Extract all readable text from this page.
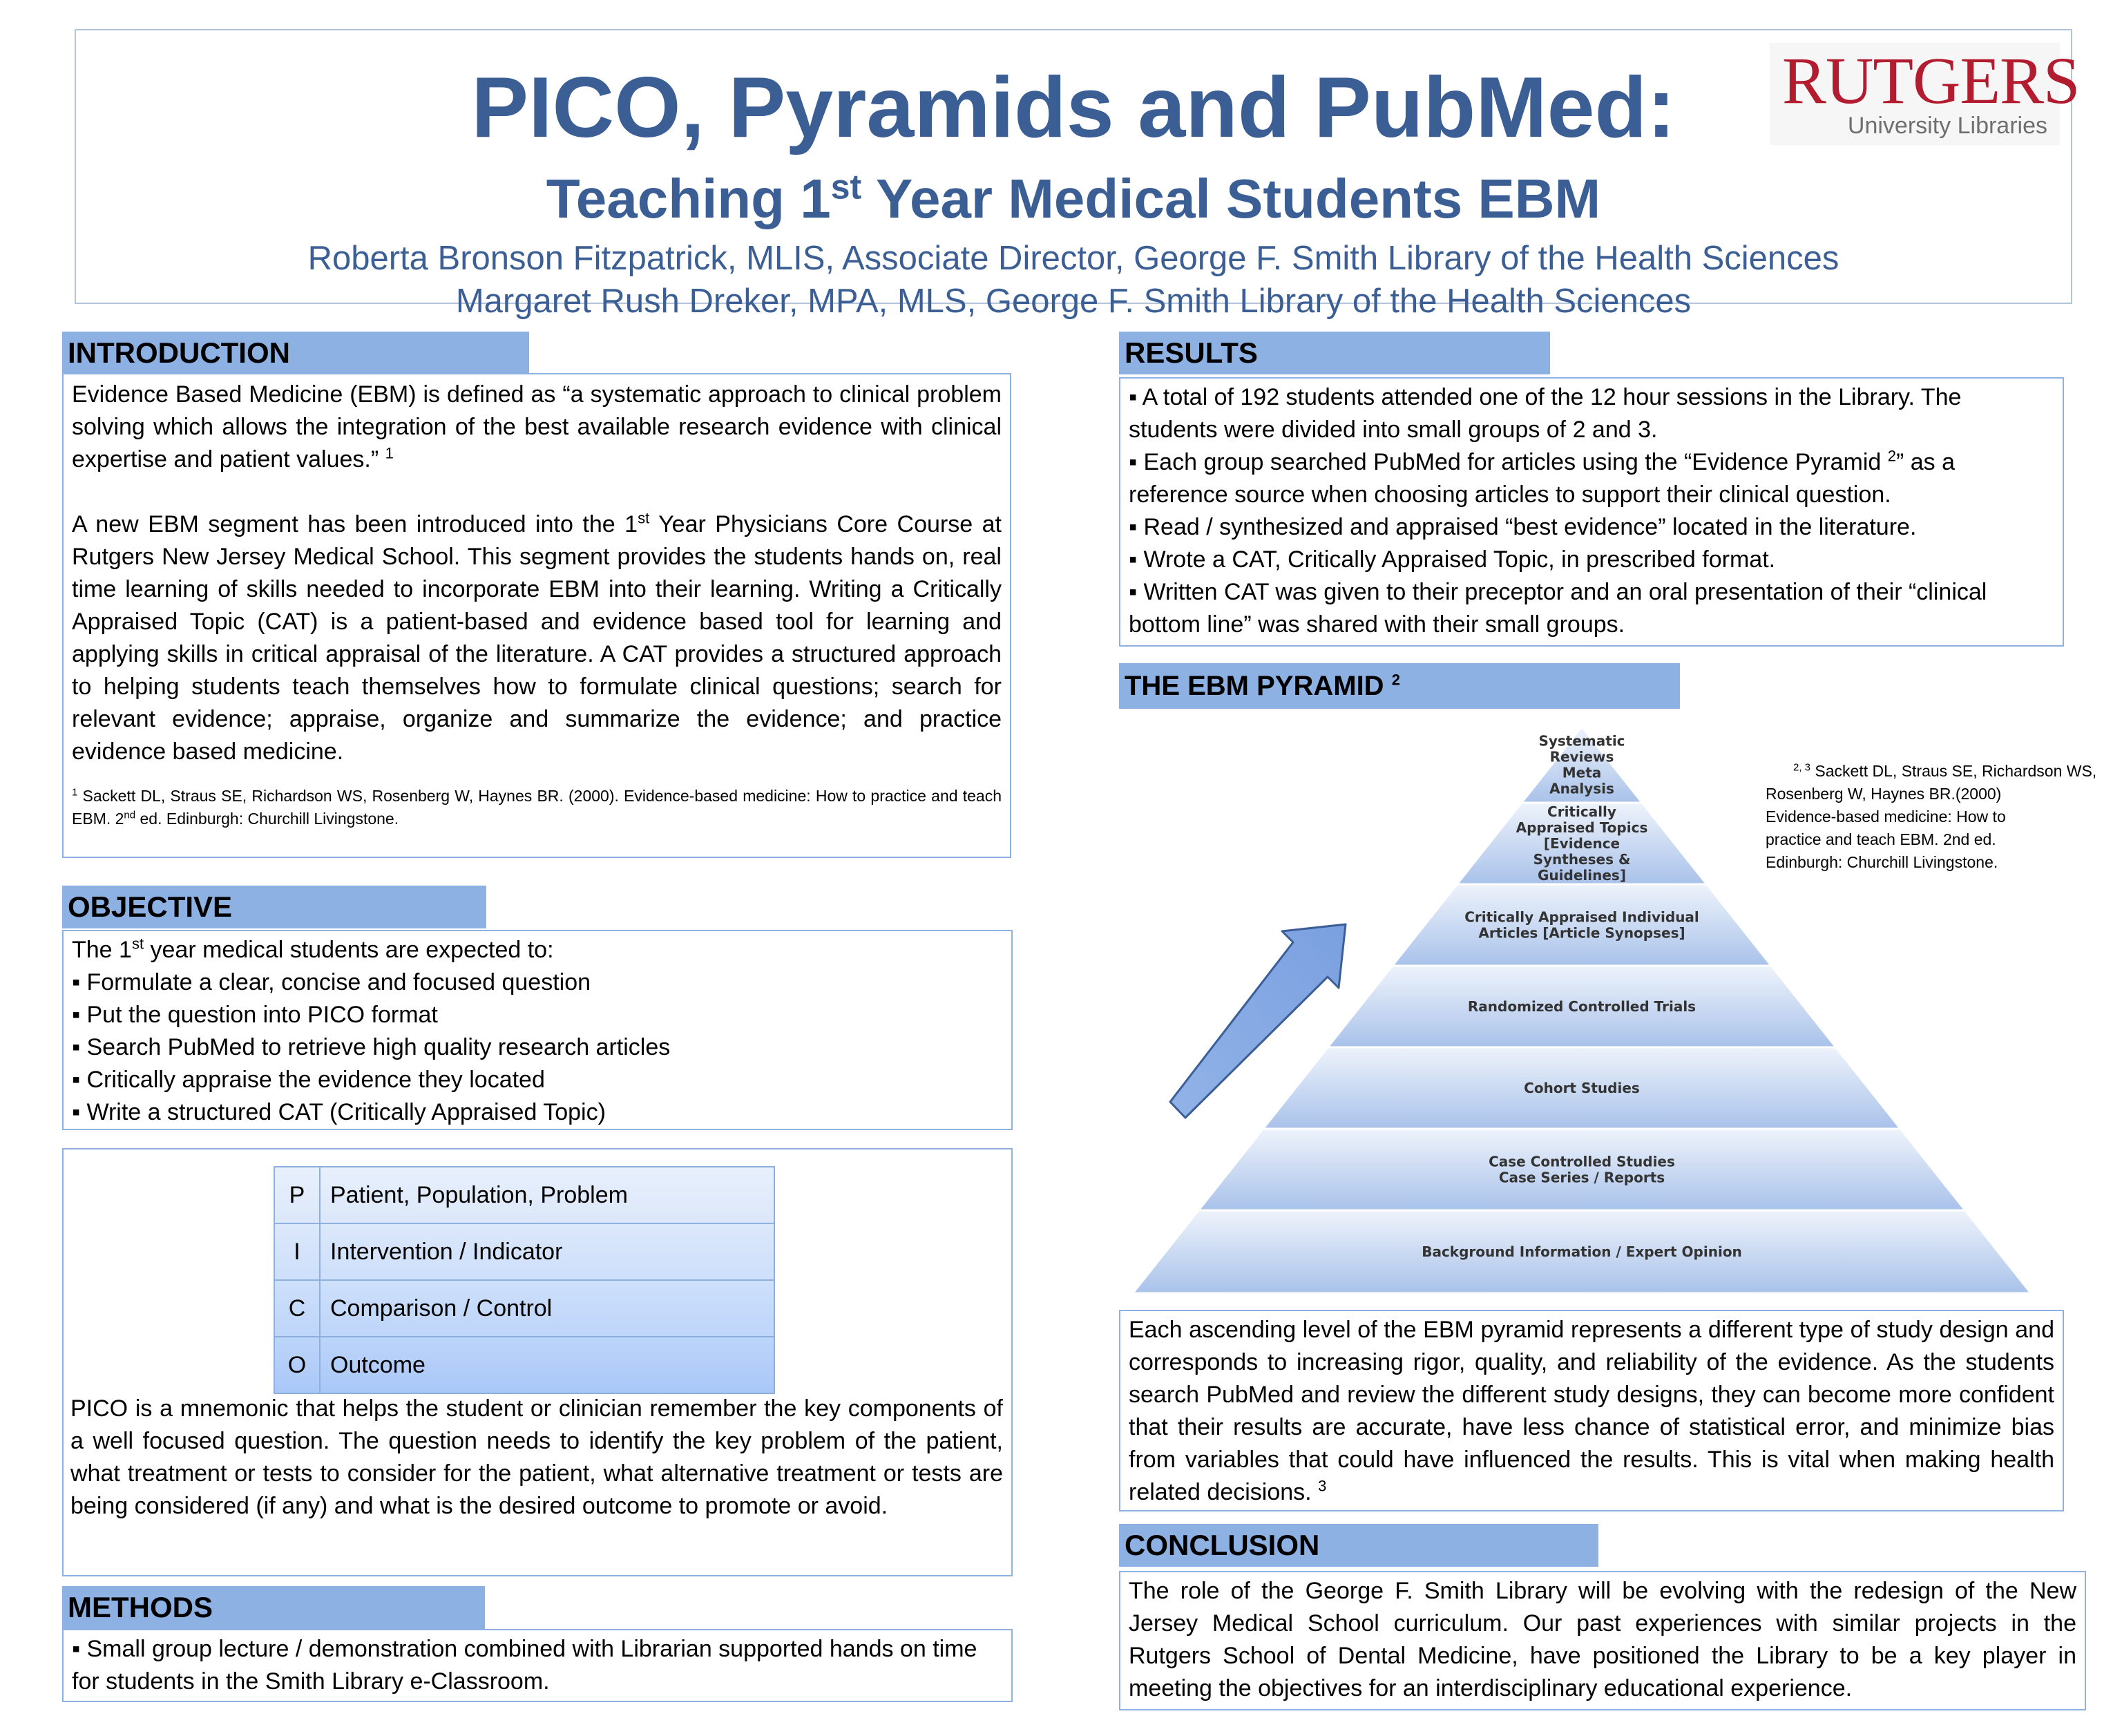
PICO, Pyramids and PubMed:
Teaching 1st Year Medical Students EBM
Roberta Bronson Fitzpatrick, MLIS, Associate Director, George F. Smith Library of the Health Sciences
Margaret Rush Dreker, MPA, MLS, George F. Smith Library of the Health Sciences
RUTGERS
University Libraries
INTRODUCTION

Evidence Based Medicine (EBM) is defined as “a systematic approach to clinical problem solving which allows the integration of the best available research evidence with clinical expertise and patient values.” $^1$

A new EBM segment has been introduced into the 1st Year Physicians Core Course at Rutgers New Jersey Medical School. This segment provides the students hands on, real time learning of skills needed to incorporate EBM into their learning. Writing a Critically Appraised Topic (CAT) is a patient-based and evidence based tool for learning and applying skills in critical appraisal of the literature. A CAT provides a structured approach to helping students teach themselves how to formulate clinical questions; search for relevant evidence; appraise, organize and summarize the evidence; and practice evidence based medicine.

$^1$ Sackett DL, Straus SE, Richardson WS, Rosenberg W, Haynes BR. (2000). Evidence-based medicine: How to practice and teach EBM. 2nd ed. Edinburgh: Churchill Livingstone.

OBJECTIVE

The 1st year medical students are expected to:

▪ Formulate a clear, concise and focused question
▪ Put the question into PICO format
▪ Search PubMed to retrieve high quality research articles
▪ Critically appraise the evidence they located
▪ Write a structured CAT (Critically Appraised Topic)
P	Patient, Population, Problem
I	Intervention / Indicator
C	Comparison / Control
O	Outcome

PICO is a mnemonic that helps the student or clinician remember the key components of a well focused question. The question needs to identify the key problem of the patient, what treatment or tests to consider for the patient, what alternative treatment or tests are being considered (if any) and what is the desired outcome to promote or avoid.

METHODS

▪ Small group lecture / demonstration combined with Librarian supported hands on time for students in the Smith Library e-Classroom.

RESULTS
▪ A total of 192 students attended one of the 12 hour sessions in the Library. The students were divided into small groups of 2 and 3.
▪ Each group searched PubMed for articles using the “Evidence Pyramid $^2$” as a reference source when choosing articles to support their clinical question.
▪ Read / synthesized and appraised “best evidence” located in the literature.
▪ Wrote a CAT, Critically Appraised Topic, in prescribed format.
▪ Written CAT was given to their preceptor and an oral presentation of their “clinical bottom line” was shared with their small groups.
THE EBM PYRAMID $^2$
Systematic
Reviews
Meta
Analysis
Critically
Appraised Topics
[Evidence
Syntheses &
Guidelines]
Critically Appraised Individual
Articles [Article Synopses]
Randomized Controlled Trials
Cohort Studies
Case Controlled Studies
Case Series / Reports
Background Information / Expert Opinion
$^{2, 3}$ Sackett DL, Straus SE, Richardson WS,
Rosenberg W, Haynes BR.(2000)
Evidence-based medicine: How to
practice and teach EBM. 2nd ed.
Edinburgh: Churchill Livingstone.

Each ascending level of the EBM pyramid represents a different type of study design and corresponds to increasing rigor, quality, and reliability of the evidence. As the students search PubMed and review the different study designs, they can become more confident that their results are accurate, have less chance of statistical error, and minimize bias from variables that could have influenced the results. This is vital when making health related decisions. $^3$

CONCLUSION

The role of the George F. Smith Library will be evolving with the redesign of the New Jersey Medical School curriculum. Our past experiences with similar projects in the Rutgers School of Dental Medicine, have positioned the Library to be a key player in meeting the objectives for an interdisciplinary educational experience.
